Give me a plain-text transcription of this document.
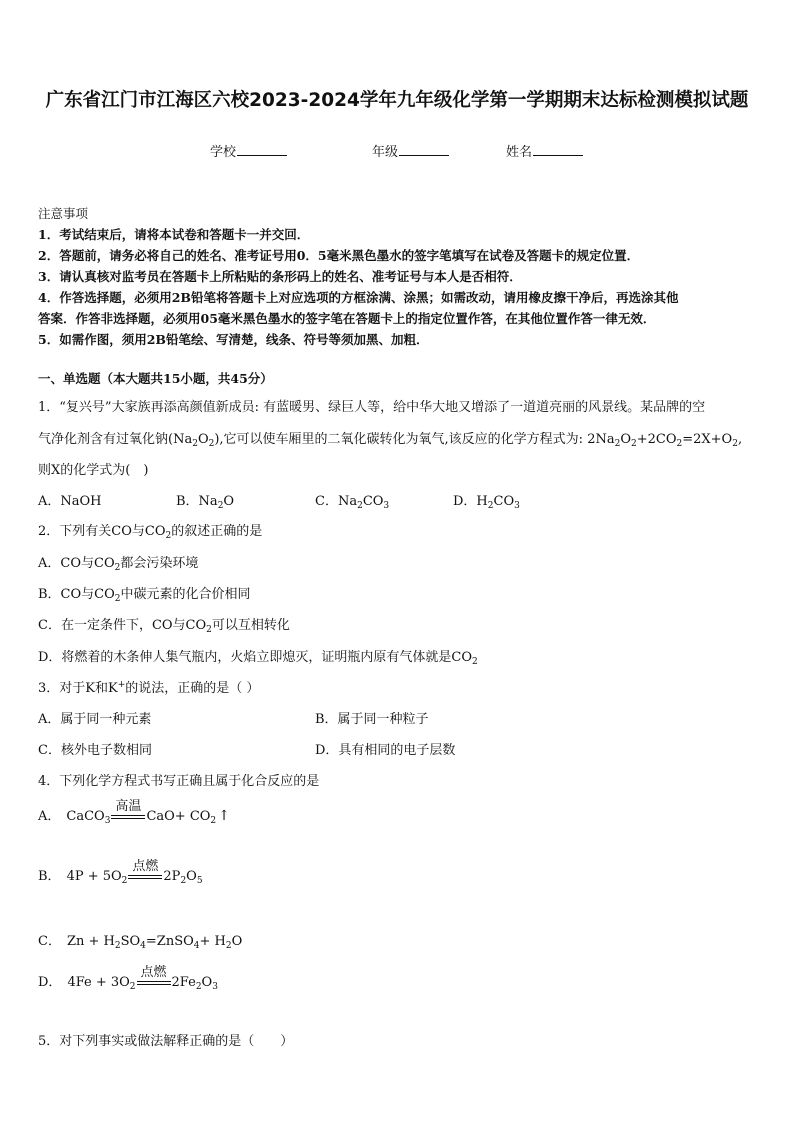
广东省江门市江海区六校2023-2024学年九年级化学第一学期期末达标检测模拟试题
学校	年级	姓名
注意事项
1．考试结束后，请将本试卷和答题卡一并交回．
2．答题前，请务必将自己的姓名、准考证号用0．5毫米黑色墨水的签字笔填写在试卷及答题卡的规定位置．
3．请认真核对监考员在答题卡上所粘贴的条形码上的姓名、准考证号与本人是否相符．
4．作答选择题，必须用2B铅笔将答题卡上对应选项的方框涂满、涂黑；如需改动，请用橡皮擦干净后，再选涂其他
答案．作答非选择题，必须用05毫米黑色墨水的签字笔在答题卡上的指定位置作答，在其他位置作答一律无效．
5．如需作图，须用2B铅笔绘、写清楚，线条、符号等须加黑、加粗．
一、单选题（本大题共15小题，共45分）
1．“复兴号”大家族再添高颜值新成员: 有蓝暖男、绿巨人等，给中华大地又增添了一道道亮丽的风景线。某品牌的空
气净化剂含有过氧化钠$(Na_2O_2)$,它可以使车厢里的二氧化碳转化为氧气,该反应的化学方程式为: $2Na_2O_2+2CO_2=2X+O_2$,
则X的化学式为(　)
A．NaOH	B．$Na_2O$	C．$Na_2CO_3$	D．$H_2CO_3$
2．下列有关CO与$CO_2$的叙述正确的是
A．CO与$CO_2$都会污染环境
B．CO与$CO_2$中碳元素的化合价相同
C．在一定条件下，CO与$CO_2$可以互相转化
D．将燃着的木条伸人集气瓶内，火焰立即熄灭，证明瓶内原有气体就是$CO_2$
3．对于K和K+的说法，正确的是（ ）
A．属于同一种元素	B．属于同一种粒子
C．核外电子数相同	D．具有相同的电子层数
4．下列化学方程式书写正确且属于化合反应的是
A． CaCO$_3$
高温
$CaO+ CO_2$ ↑
B． $4P + 5O_2$
点燃
$2P_2O_5$
C． $Zn + H_2SO_4=ZnSO_4+ H_2O$
D． $4Fe + 3O_2$
点燃
$2Fe_2O_3$
5．对下列事实或做法解释正确的是（　　）
